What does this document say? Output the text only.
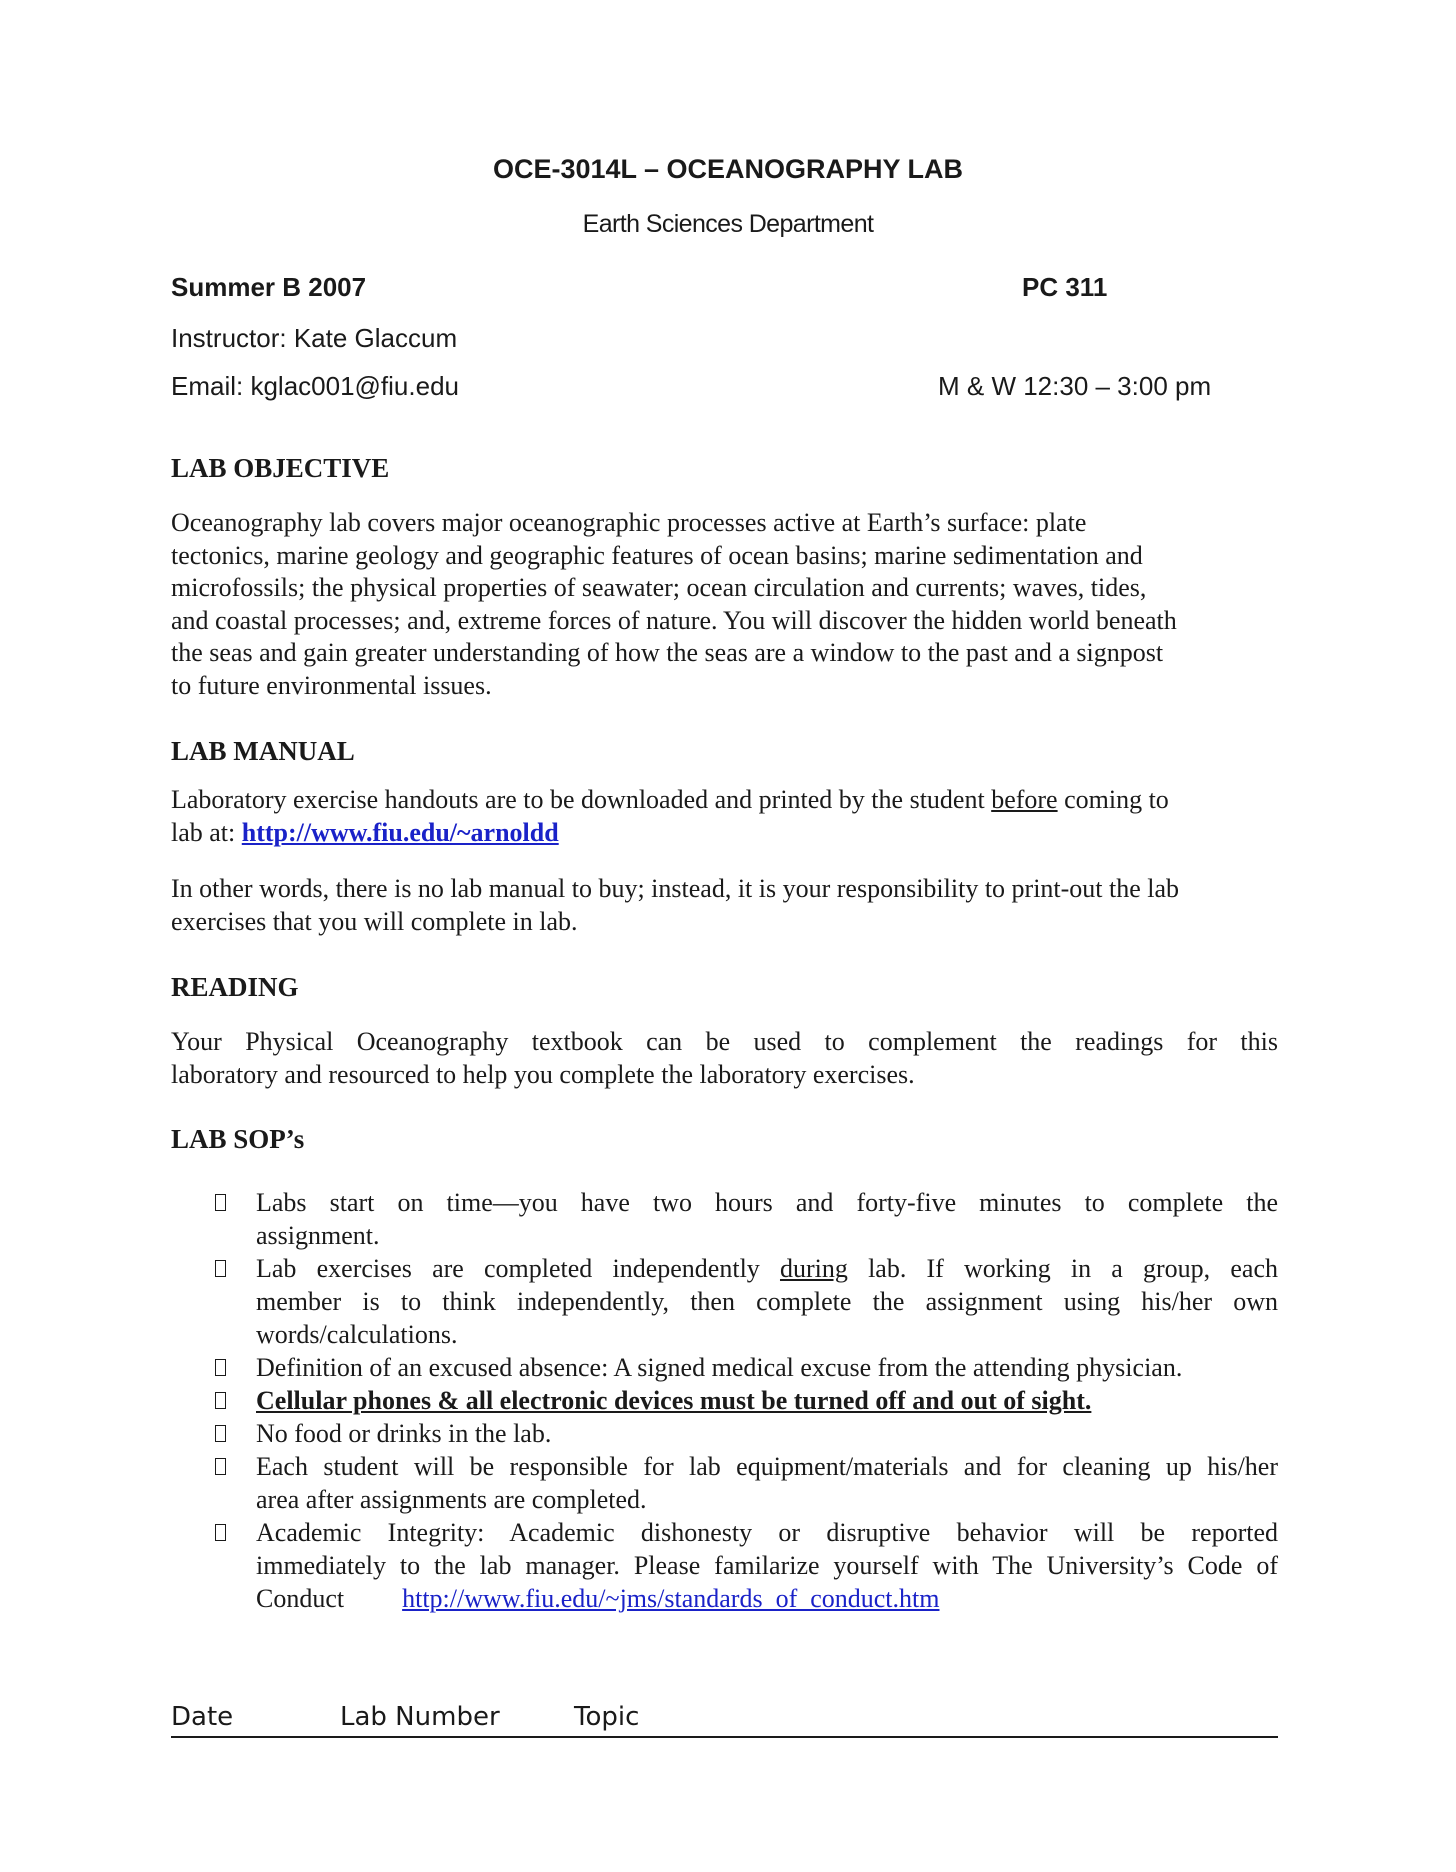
OCE-3014L – OCEANOGRAPHY LAB
Earth Sciences Department
Summer B 2007	PC 311
Instructor: Kate Glaccum
Email: kglac001@fiu.edu	M & W 12:30 – 3:00 pm
LAB OBJECTIVE
Oceanography lab covers major oceanographic processes active at Earth’s surface: plate
tectonics, marine geology and geographic features of ocean basins; marine sedimentation and
microfossils; the physical properties of seawater; ocean circulation and currents; waves, tides,
and coastal processes; and, extreme forces of nature. You will discover the hidden world beneath
the seas and gain greater understanding of how the seas are a window to the past and a signpost
to future environmental issues.
LAB MANUAL
Laboratory exercise handouts are to be downloaded and printed by the student before coming to
lab at: http://www.fiu.edu/~arnoldd
In other words, there is no lab manual to buy; instead, it is your responsibility to print-out the lab
exercises that you will complete in lab.
READING
Your Physical Oceanography textbook can be used to complement the readings for this
laboratory and resourced to help you complete the laboratory exercises.
LAB SOP’s
Labs start on time—you have two hours and forty-five minutes to complete the
assignment.
Lab exercises are completed independently during lab. If working in a group, each
member is to think independently, then complete the assignment using his/her own
words/calculations.
Definition of an excused absence: A signed medical excuse from the attending physician.
Cellular phones & all electronic devices must be turned off and out of sight.
No food or drinks in the lab.
Each student will be responsible for lab equipment/materials and for cleaning up his/her
area after assignments are completed.
Academic Integrity: Academic dishonesty or disruptive behavior will be reported
immediately to the lab manager. Please familarize yourself with The University’s Code of
Conduct http://www.fiu.edu/~jms/standards_of_conduct.htm
Date	Lab Number	Topic
